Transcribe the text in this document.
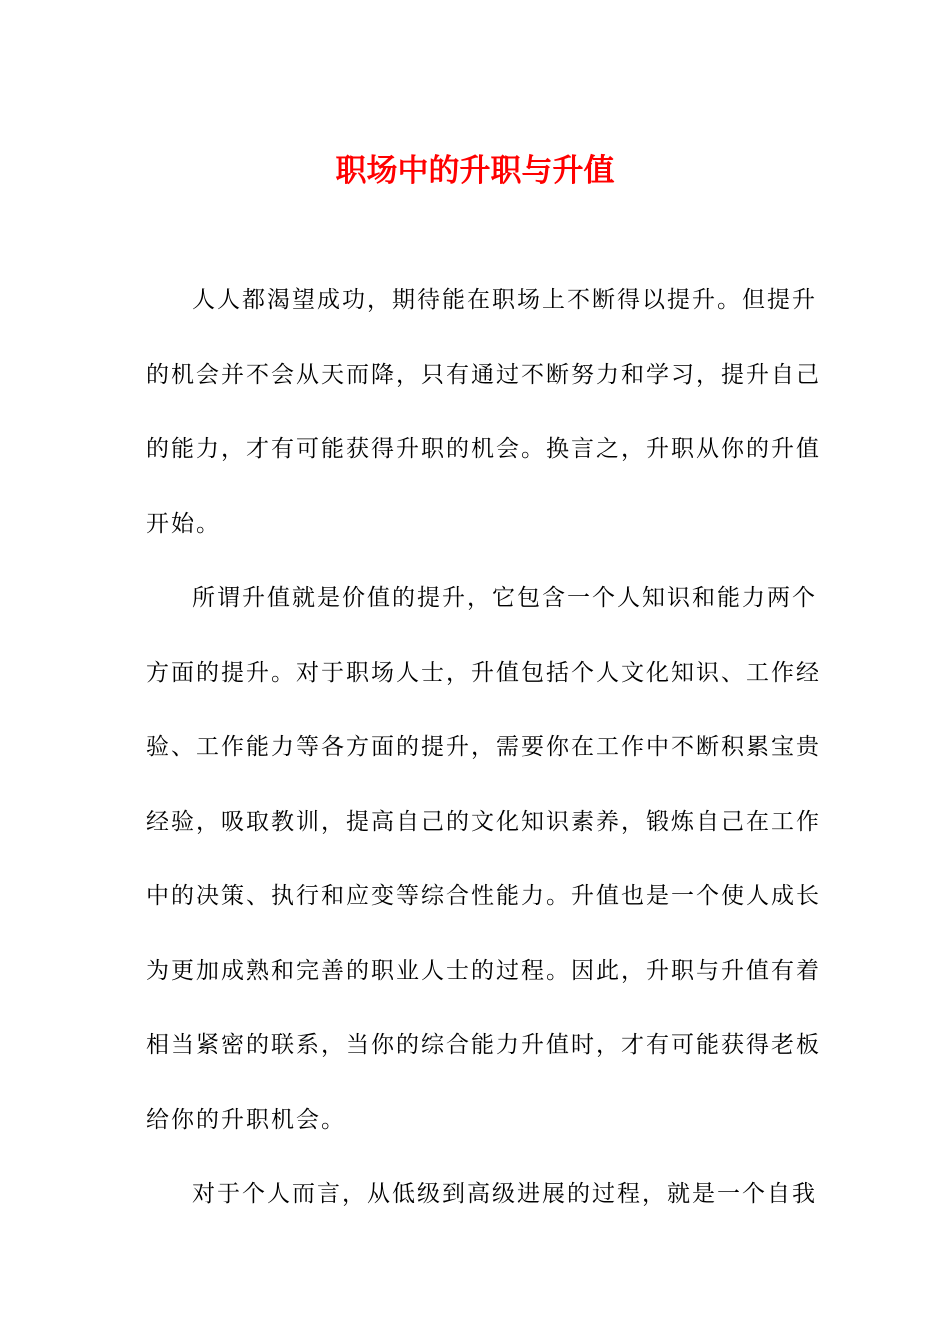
职场中的升职与升值
人人都渴望成功，期待能在职场上不断得以提升。但提升
的机会并不会从天而降，只有通过不断努力和学习，提升自己
的能力，才有可能获得升职的机会。换言之，升职从你的升值
开始。
所谓升值就是价值的提升，它包含一个人知识和能力两个
方面的提升。对于职场人士，升值包括个人文化知识、工作经
验、工作能力等各方面的提升，需要你在工作中不断积累宝贵
经验，吸取教训，提高自己的文化知识素养，锻炼自己在工作
中的决策、执行和应变等综合性能力。升值也是一个使人成长
为更加成熟和完善的职业人士的过程。因此，升职与升值有着
相当紧密的联系，当你的综合能力升值时，才有可能获得老板
给你的升职机会。
对于个人而言，从低级到高级进展的过程，就是一个自我
